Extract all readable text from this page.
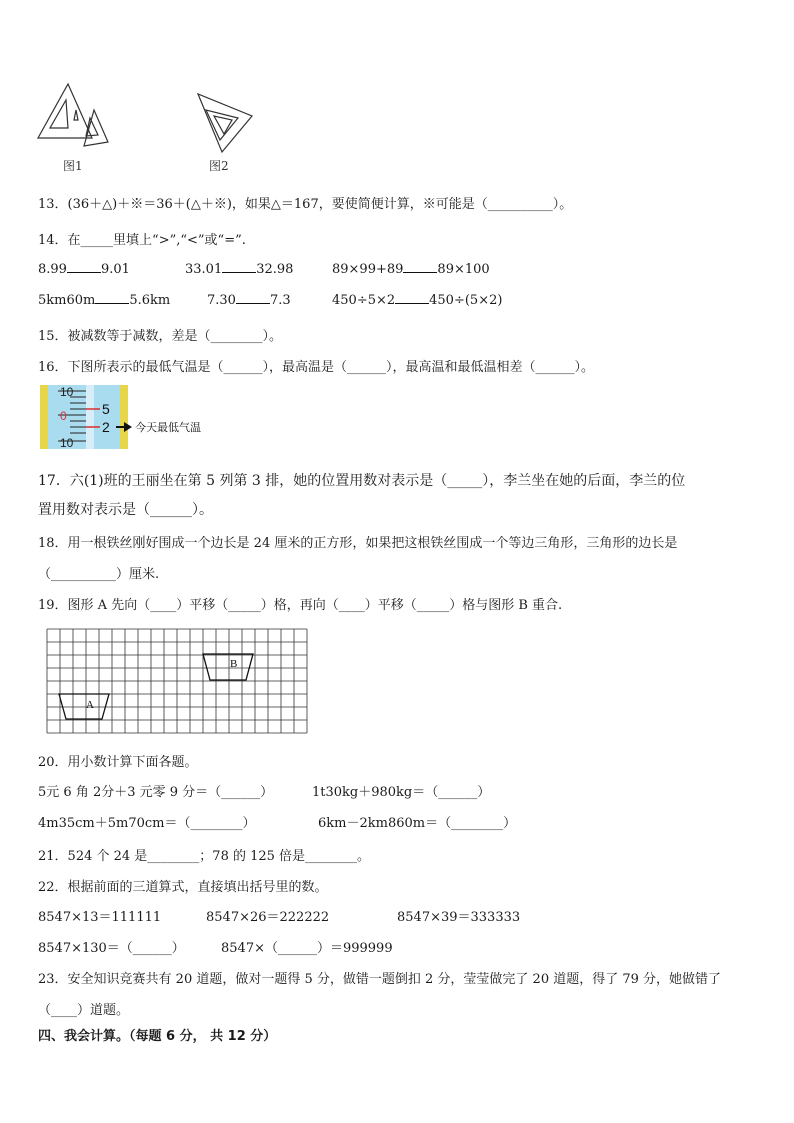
图1	图2
13．(36＋△)＋※＝36＋(△＋※)，如果△＝167，要使简便计算，※可能是（__________）。
14．在_____里填上“>”,“<”或“=”.
8.99	9.01	33.01	32.98	89×99+89	89×100
5km60m	5.6km	7.30	7.3	450÷5×2	450÷(5×2)
15．被减数等于减数，差是（________）。
16．下图所表示的最低气温是（______），最高温是（______），最高温和最低温相差（______）。
10
0
10
5
2 今天最低气温
17．六(1)班的王丽坐在第 5 列第 3 排，她的位置用数对表示是（_____），李兰坐在她的后面，李兰的位
置用数对表示是（______）。
18．用一根铁丝刚好围成一个边长是 24 厘米的正方形，如果把这根铁丝围成一个等边三角形，三角形的边长是
（__________）厘米.
19．图形 A 先向（____）平移（_____）格，再向（____）平移（_____）格与图形 B 重合.
A
B
20．用小数计算下面各题。
5元 6 角 2分＋3 元零 9 分＝（______）	1t30kg＋980kg＝（______）
4m35cm＋5m70cm＝（________）	6km－2km860m＝（________）
21．524 个 24 是________；78 的 125 倍是________。
22．根据前面的三道算式，直接填出括号里的数。
8547×13＝111111	8547×26＝222222	8547×39＝333333
8547×130＝（______）	8547×（______）＝999999
23．安全知识竞赛共有 20 道题，做对一题得 5 分，做错一题倒扣 2 分，莹莹做完了 20 道题，得了 79 分，她做错了
（____）道题。
四、我会计算。（每题 6 分， 共 12 分）
